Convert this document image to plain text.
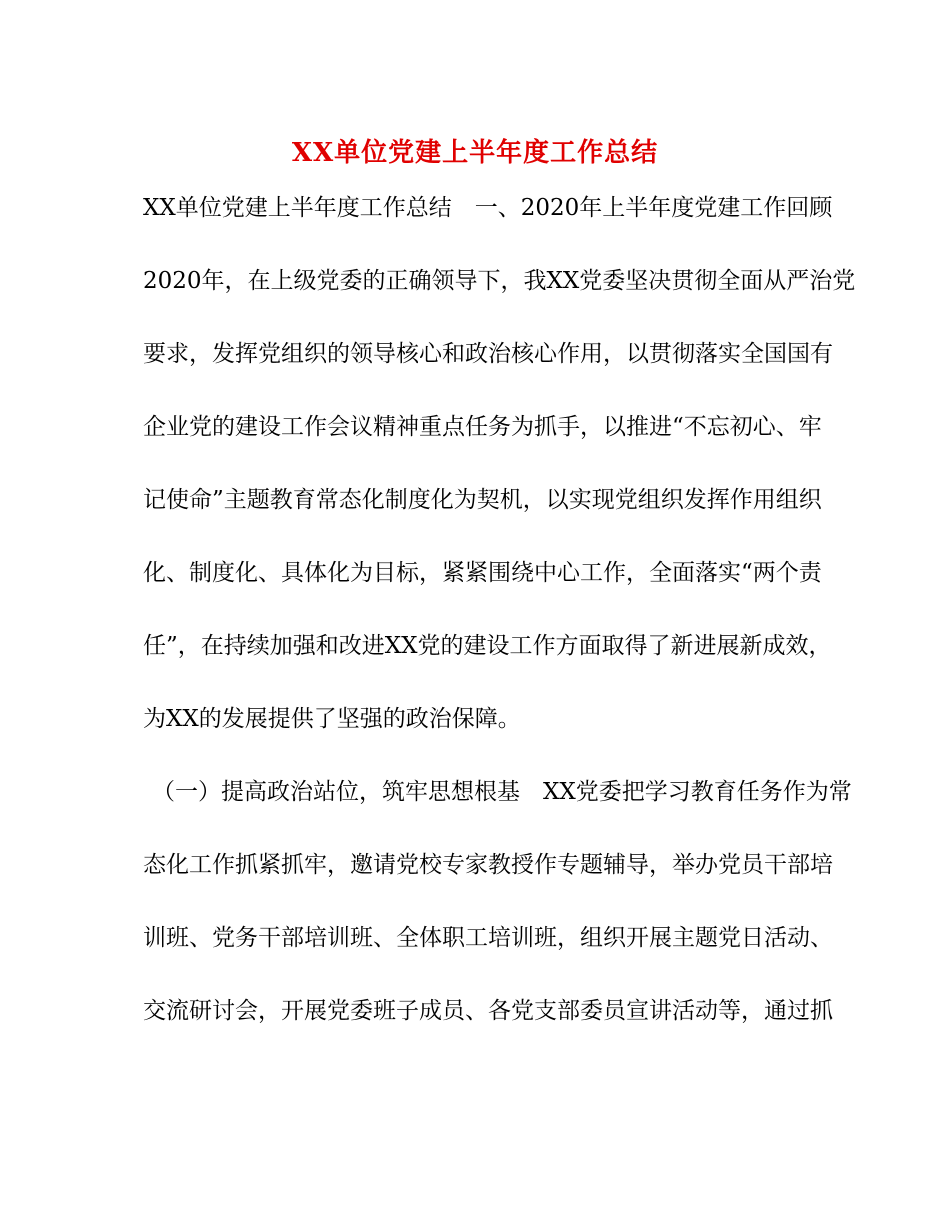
XX单位党建上半年度工作总结
XX单位党建上半年度工作总结　一、2020年上半年度党建工作回顾
2020年，在上级党委的正确领导下，我XX党委坚决贯彻全面从严治党
要求，发挥党组织的领导核心和政治核心作用，以贯彻落实全国国有
企业党的建设工作会议精神重点任务为抓手，以推进“不忘初心、牢
记使命”主题教育常态化制度化为契机，以实现党组织发挥作用组织
化、制度化、具体化为目标，紧紧围绕中心工作，全面落实“两个责
任”，在持续加强和改进XX党的建设工作方面取得了新进展新成效，
为XX的发展提供了坚强的政治保障。
（一）提高政治站位，筑牢思想根基　XX党委把学习教育任务作为常
态化工作抓紧抓牢，邀请党校专家教授作专题辅导，举办党员干部培
训班、党务干部培训班、全体职工培训班，组织开展主题党日活动、
交流研讨会，开展党委班子成员、各党支部委员宣讲活动等，通过抓
